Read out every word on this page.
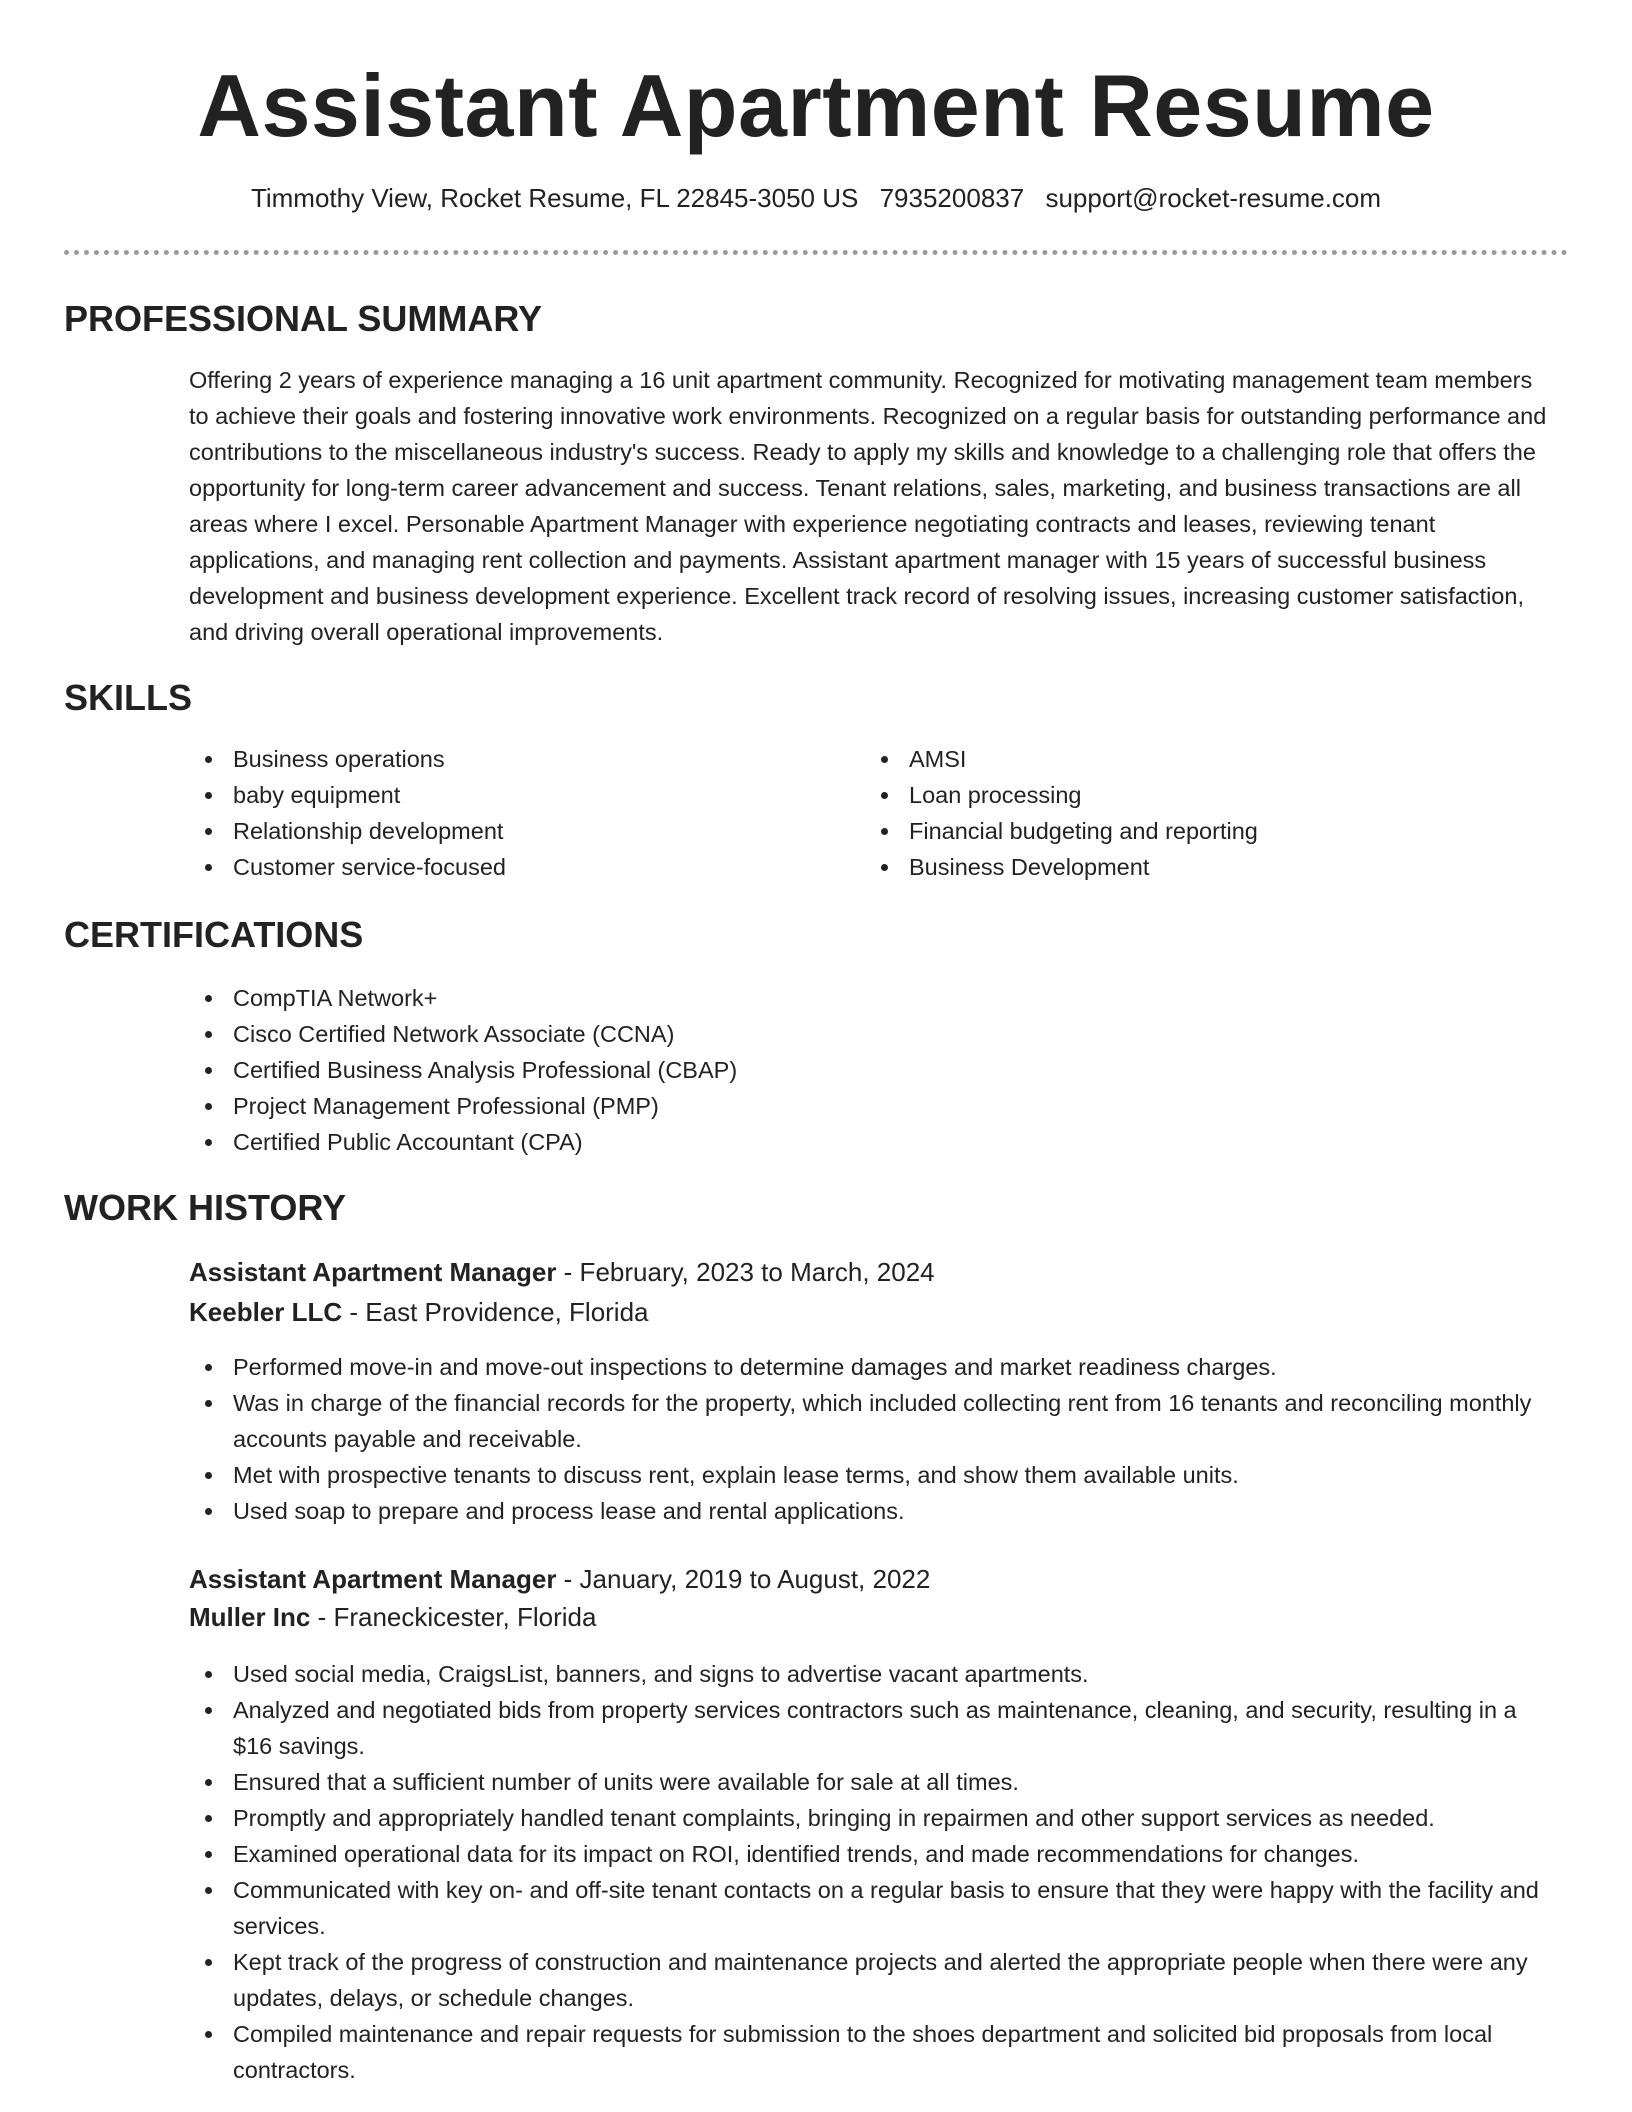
Assistant Apartment Resume
Timmothy View, Rocket Resume, FL 22845-3050 US 7935200837 support@rocket-resume.com
PROFESSIONAL SUMMARY
Offering 2 years of experience managing a 16 unit apartment community. Recognized for motivating management team members to achieve their goals and fostering innovative work environments. Recognized on a regular basis for outstanding performance and contributions to the miscellaneous industry's success. Ready to apply my skills and knowledge to a challenging role that offers the opportunity for long-term career advancement and success. Tenant relations, sales, marketing, and business transactions are all areas where I excel. Personable Apartment Manager with experience negotiating contracts and leases, reviewing tenant applications, and managing rent collection and payments. Assistant apartment manager with 15 years of successful business development and business development experience. Excellent track record of resolving issues, increasing customer satisfaction, and driving overall operational improvements.
SKILLS
Business operations
baby equipment
Relationship development
Customer service-focused
AMSI
Loan processing
Financial budgeting and reporting
Business Development
CERTIFICATIONS
CompTIA Network+
Cisco Certified Network Associate (CCNA)
Certified Business Analysis Professional (CBAP)
Project Management Professional (PMP)
Certified Public Accountant (CPA)
WORK HISTORY
Assistant Apartment Manager - February, 2023 to March, 2024
Keebler LLC - East Providence, Florida
Performed move-in and move-out inspections to determine damages and market readiness charges.
Was in charge of the financial records for the property, which included collecting rent from 16 tenants and reconciling monthly accounts payable and receivable.
Met with prospective tenants to discuss rent, explain lease terms, and show them available units.
Used soap to prepare and process lease and rental applications.
Assistant Apartment Manager - January, 2019 to August, 2022
Muller Inc - Franeckicester, Florida
Used social media, CraigsList, banners, and signs to advertise vacant apartments.
Analyzed and negotiated bids from property services contractors such as maintenance, cleaning, and security, resulting in a $16 savings.
Ensured that a sufficient number of units were available for sale at all times.
Promptly and appropriately handled tenant complaints, bringing in repairmen and other support services as needed.
Examined operational data for its impact on ROI, identified trends, and made recommendations for changes.
Communicated with key on- and off-site tenant contacts on a regular basis to ensure that they were happy with the facility and services.
Kept track of the progress of construction and maintenance projects and alerted the appropriate people when there were any updates, delays, or schedule changes.
Compiled maintenance and repair requests for submission to the shoes department and solicited bid proposals from local contractors.
